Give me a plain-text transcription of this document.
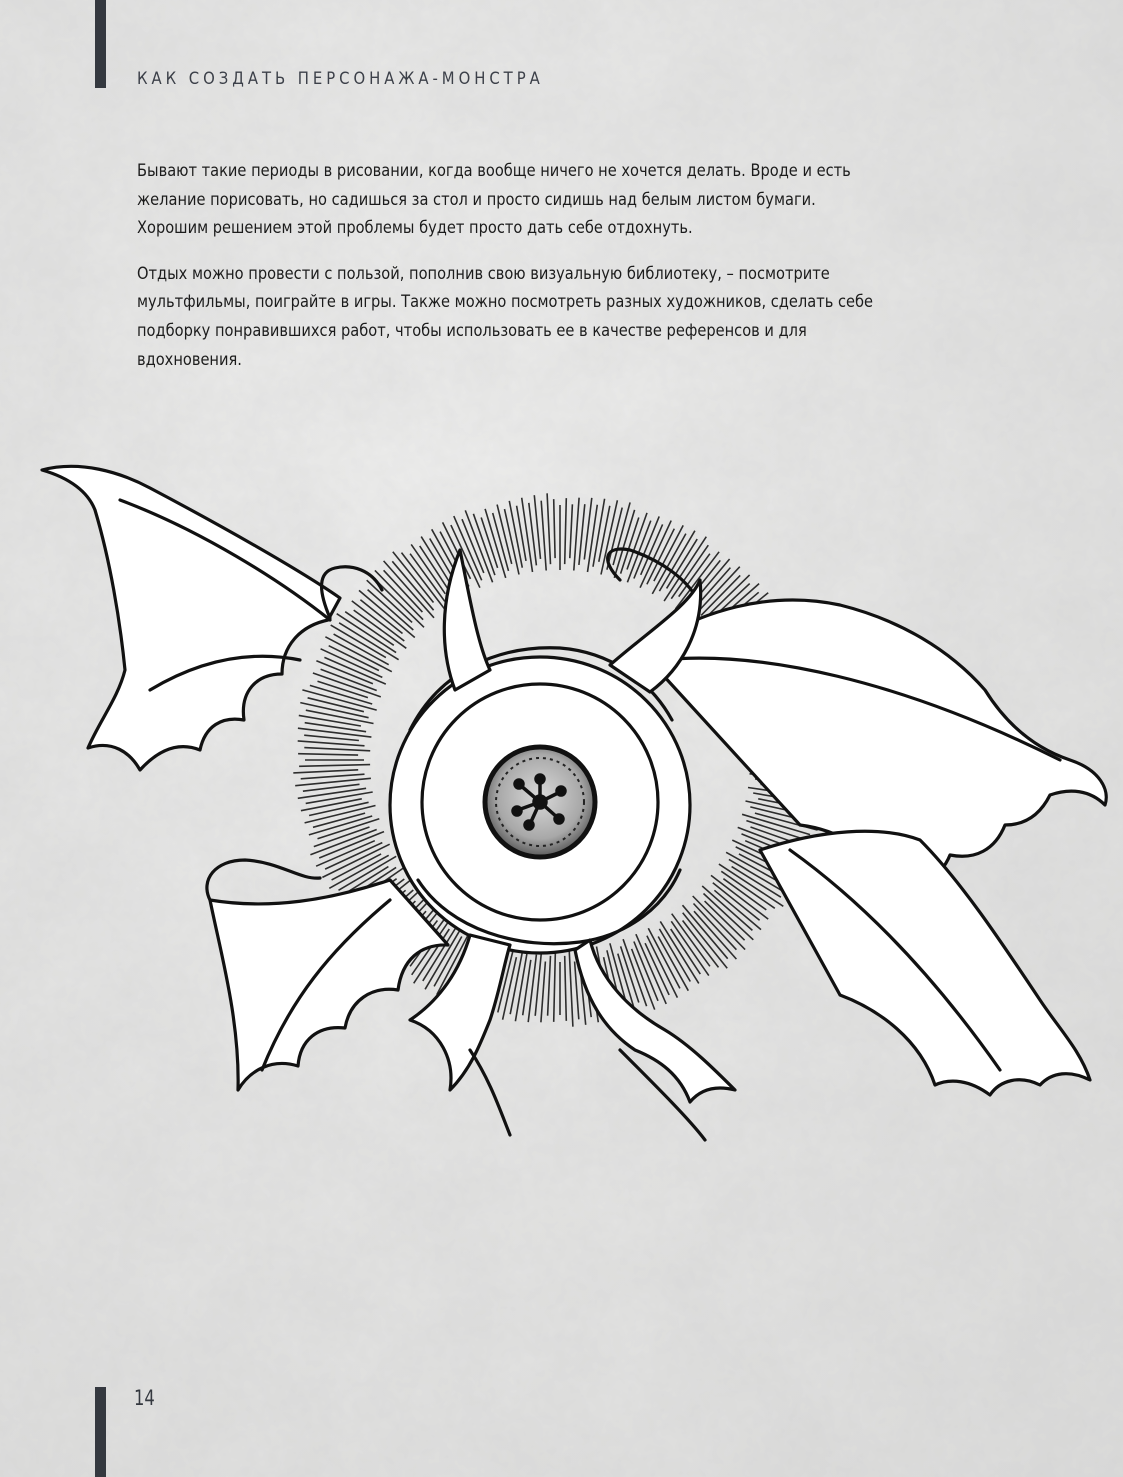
КАК СОЗДАТЬ ПЕРСОНАЖА-МОНСТРА

Бывают такие периоды в рисовании, когда вообще ничего не хочется делать. Вроде и есть желание порисовать, но садишься за стол и просто сидишь над белым листом бумаги. Хорошим решением этой проблемы будет просто дать себе отдохнуть.

Отдых можно провести с пользой, пополнив свою визуальную библиотеку, – посмотрите мультфильмы, поиграйте в игры. Также можно посмотреть разных художников, сделать себе подборку понравившихся работ, чтобы использовать ее в качестве референсов и для вдохновения.

14
